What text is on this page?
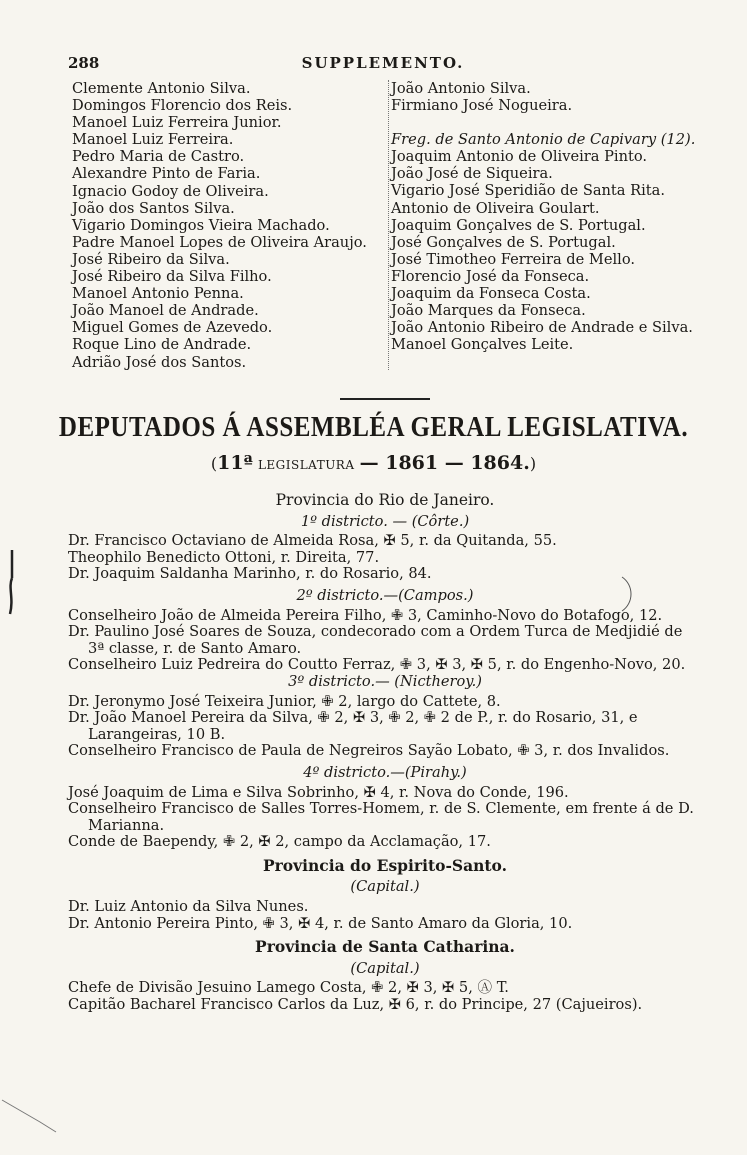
288	SUPPLEMENTO.
Clemente Antonio Silva.
Domingos Florencio dos Reis.
Manoel Luiz Ferreira Junior.
Manoel Luiz Ferreira.
Pedro Maria de Castro.
Alexandre Pinto de Faria.
Ignacio Godoy de Oliveira.
João dos Santos Silva.
Vigario Domingos Vieira Machado.
Padre Manoel Lopes de Oliveira Araujo.
José Ribeiro da Silva.
José Ribeiro da Silva Filho.
Manoel Antonio Penna.
João Manoel de Andrade.
Miguel Gomes de Azevedo.
Roque Lino de Andrade.
Adrião José dos Santos.
João Antonio Silva.
Firmiano José Nogueira.
Freg. de Santo Antonio de Capivary (12).
Joaquim Antonio de Oliveira Pinto.
João José de Siqueira.
Vigario José Speridião de Santa Rita.
Antonio de Oliveira Goulart.
Joaquim Gonçalves de S. Portugal.
José Gonçalves de S. Portugal.
José Timotheo Ferreira de Mello.
Florencio José da Fonseca.
Joaquim da Fonseca Costa.
João Marques da Fonseca.
João Antonio Ribeiro de Andrade e Silva.
Manoel Gonçalves Leite.
DEPUTADOS Á ASSEMBLÉA GERAL LEGISLATIVA.
(11ª LEGISLATURA — 1861 — 1864.)
Provincia do Rio de Janeiro.
1º districto. — (Côrte.)
Dr. Francisco Octaviano de Almeida Rosa, ✠ 5, r. da Quitanda, 55.
Theophilo Benedicto Ottoni, r. Direita, 77.
Dr. Joaquim Saldanha Marinho, r. do Rosario, 84.
2º districto.—(Campos.)
Conselheiro João de Almeida Pereira Filho, ✙ 3, Caminho-Novo do Botafogo, 12.
Dr. Paulino José Soares de Souza, condecorado com a Ordem Turca de Medjidié de 3ª classe, r. de Santo Amaro.
Conselheiro Luiz Pedreira do Coutto Ferraz, ✙ 3, ✠ 3, ✠ 5, r. do Engenho-Novo, 20.
3º districto.— (Nictheroy.)
Dr. Jeronymo José Teixeira Junior, ✙ 2, largo do Cattete, 8.
Dr. João Manoel Pereira da Silva, ✙ 2, ✠ 3, ✙ 2, ✙ 2 de P., r. do Rosario, 31, e Larangeiras, 10 B.
Conselheiro Francisco de Paula de Negreiros Sayão Lobato, ✙ 3, r. dos Invalidos.
4º districto.—(Pirahy.)
José Joaquim de Lima e Silva Sobrinho, ✠ 4, r. Nova do Conde, 196.
Conselheiro Francisco de Salles Torres-Homem, r. de S. Clemente, em frente á de D. Marianna.
Conde de Baependy, ✙ 2, ✠ 2, campo da Acclamação, 17.
Provincia do Espirito-Santo.
(Capital.)
Dr. Luiz Antonio da Silva Nunes.
Dr. Antonio Pereira Pinto, ✙ 3, ✠ 4, r. de Santo Amaro da Gloria, 10.
Provincia de Santa Catharina.
(Capital.)
Chefe de Divisão Jesuino Lamego Costa, ✙ 2, ✠ 3, ✠ 5, Ⓐ T.
Capitão Bacharel Francisco Carlos da Luz, ✠ 6, r. do Principe, 27 (Cajueiros).
